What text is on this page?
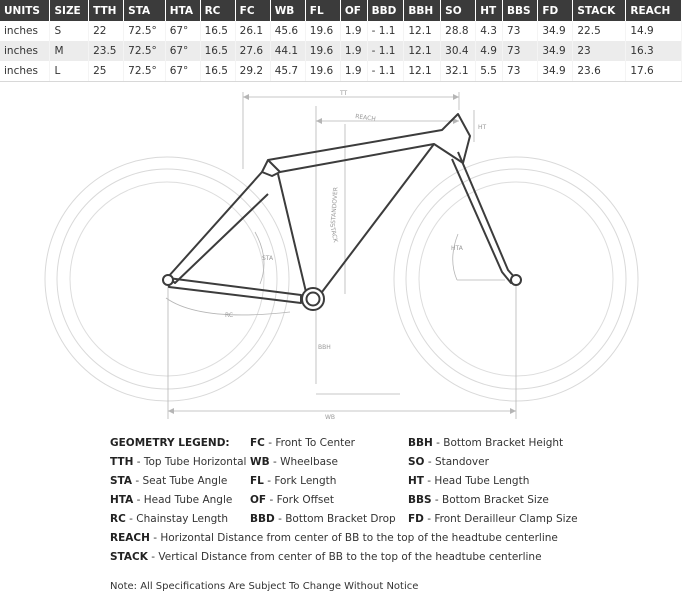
UNITS	SIZE	TTH	STA	HTA	RC	FC	WB	FL	OF	BBD	BBH	SO	HT	BBS	FD	STACK	REACH
inches	S	22	72.5°	67°	16.5	26.1	45.6	19.6	1.9	- 1.1	12.1	28.8	4.3	73	34.9	22.5	14.9
inches	M	23.5	72.5°	67°	16.5	27.6	44.1	19.6	1.9	- 1.1	12.1	30.4	4.9	73	34.9	23	16.3
inches	L	25	72.5°	67°	16.5	29.2	45.7	19.6	1.9	- 1.1	12.1	32.1	5.5	73	34.9	23.6	17.6
TT
REACH
HT
STANDOVER
STACK
STA
HTA
RC
BBH
WB
GEOMETRY LEGEND:
TTH - Top Tube Horizontal
STA - Seat Tube Angle
HTA - Head Tube Angle
RC - Chainstay Length
FC - Front To Center
WB - Wheelbase
FL - Fork Length
OF - Fork Offset
BBD - Bottom Bracket Drop
BBH - Bottom Bracket Height
SO - Standover
HT - Head Tube Length
BBS - Bottom Bracket Size
FD - Front Derailleur Clamp Size
REACH - Horizontal Distance from center of BB to the top of the headtube centerline
STACK - Vertical Distance from center of BB to the top of the headtube centerline
Note: All Specifications Are Subject To Change Without Notice
